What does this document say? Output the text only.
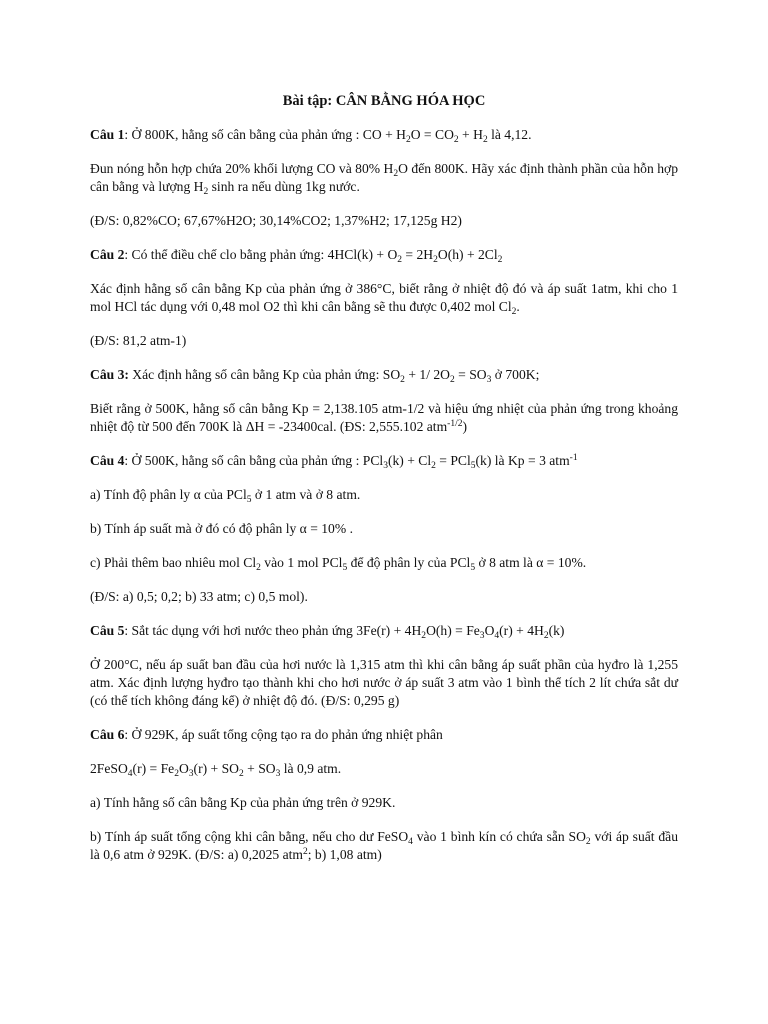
Bài tập: CÂN BẰNG HÓA HỌC

Câu 1: Ở 800K, hằng số cân bằng của phản ứng : CO + $H_2O = CO_2 + H_2$ là 4,12.

Đun nóng hỗn hợp chứa 20% khối lượng CO và 80% $H_2O$ đến 800K. Hãy xác định thành phần của hỗn hợp cân bằng và lượng $H_2$ sinh ra nếu dùng 1kg nước.

(Đ/S: 0,82%CO; 67,67%H2O; 30,14%CO2; 1,37%H2; 17,125g H2)

Câu 2: Có thể điều chế clo bằng phản ứng: $4HCl(k) + O_2 = 2H_2O(h) + 2Cl_2$

Xác định hằng số cân bằng Kp của phản ứng ở 386°C, biết rằng ở nhiệt độ đó và áp suất 1atm, khi cho 1 mol HCl tác dụng với 0,48 mol O2 thì khi cân bằng sẽ thu được 0,402 mol $Cl_2$.

(Đ/S: 81,2 atm-1)

Câu 3: Xác định hằng số cân bằng Kp của phản ứng: $SO_2 + 1/$ $2O_2 = SO_3$ ở 700K;

Biết rằng ở 500K, hằng số cân bằng Kp = 2,138.105 atm-1/2 và hiệu ứng nhiệt của phản ứng trong khoảng nhiệt độ từ 500 đến 700K là ΔH = -23400cal. (ĐS: 2,555.102 atm$^{-1/2}$)

Câu 4: Ở 500K, hằng số cân bằng của phản ứng : $PCl_3(k) + Cl_2 = PCl_5(k)$ là Kp = 3 atm$^{-1}$

a) Tính độ phân ly α của PCl$_5$ ở 1 atm và ở 8 atm.

b) Tính áp suất mà ở đó có độ phân ly α = 10% .

c) Phải thêm bao nhiêu mol $Cl_2$ vào 1 mol PCl$_5$ để độ phân ly của PCl$_5$ ở 8 atm là α = 10%.

(Đ/S: a) 0,5; 0,2; b) 33 atm; c) 0,5 mol).

Câu 5: Sắt tác dụng với hơi nước theo phản ứng $3Fe(r) + 4H_2O(h) = Fe_3O_4(r) + 4H_2(k)$

Ở 200°C, nếu áp suất ban đầu của hơi nước là 1,315 atm thì khi cân bằng áp suất phần của hyđro là 1,255 atm. Xác định lượng hyđro tạo thành khi cho hơi nước ở áp suất 3 atm vào 1 bình thể tích 2 lít chứa sắt dư (có thể tích không đáng kể) ở nhiệt độ đó. (Đ/S: 0,295 g)

Câu 6: Ở 929K, áp suất tổng cộng tạo ra do phản ứng nhiệt phân

2FeSO$_4$(r) = $Fe_2O_3(r) + SO_2 + SO_3$ là 0,9 atm.

a) Tính hằng số cân bằng Kp của phản ứng trên ở 929K.

b) Tính áp suất tổng cộng khi cân bằng, nếu cho dư FeSO$_4$ vào 1 bình kín có chứa sẵn $SO_2$ với áp suất đầu là 0,6 atm ở 929K. (Đ/S: a) 0,2025 atm$^2$; b) 1,08 atm)
